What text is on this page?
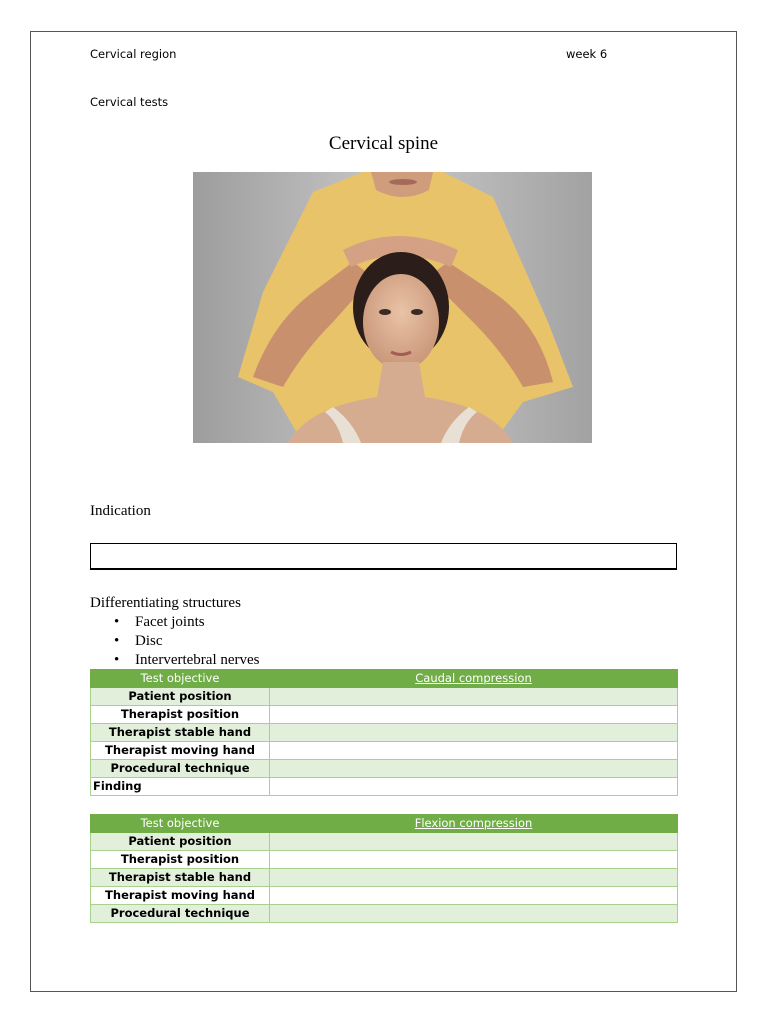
Cervical region	week 6
Cervical tests
Cervical spine
Indication
Differentiating structures
• Facet joints
• Disc
• Intervertebral nerves
Test objective	Caudal compression
Patient position	
Therapist position	
Therapist stable hand	
Therapist moving hand	
Procedural technique	
Finding	
Test objective	Flexion compression
Patient position	
Therapist position	
Therapist stable hand	
Therapist moving hand	
Procedural technique	
